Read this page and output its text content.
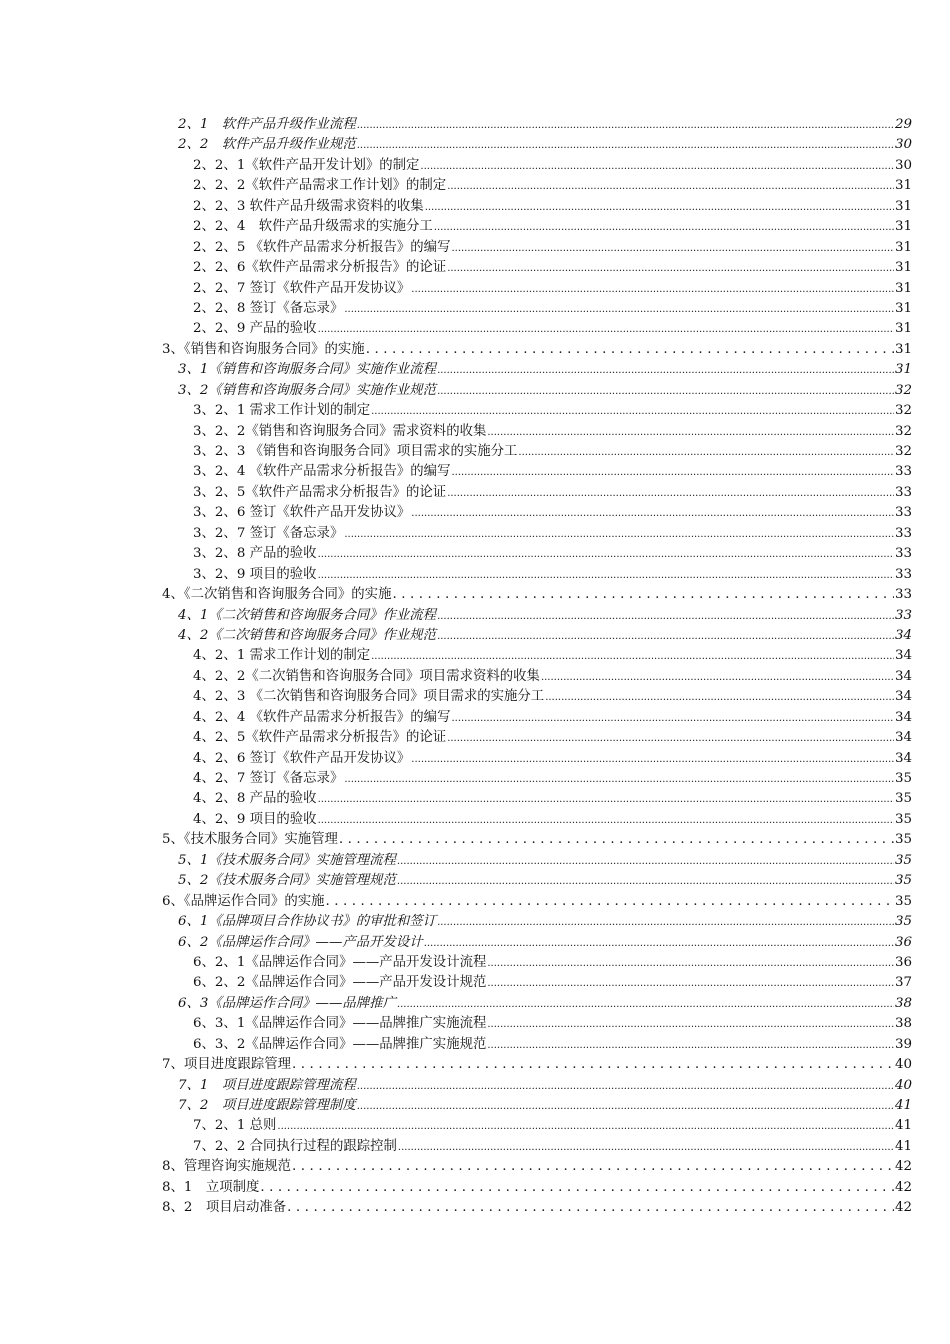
2、1　软件产品升级作业流程 .....	29
2、2　软件产品升级作业规范 .....	30
2、2、1《软件产品开发计划》的制定 .....	30
2、2、2《软件产品需求工作计划》的制定 .....	31
2、2、3 软件产品升级需求资料的收集 .....	31
2、2、4　软件产品升级需求的实施分工 .....	31
2、2、5 《软件产品需求分析报告》的编写 .....	31
2、2、6《软件产品需求分析报告》的论证 .....	31
2、2、7 签订《软件产品开发协议》 .....	31
2、2、8 签订《备忘录》 .....	31
2、2、9 产品的验收 .....	31
3、《销售和咨询服务合同》的实施 .....	31
3、1《销售和咨询服务合同》实施作业流程 .....	31
3、2《销售和咨询服务合同》实施作业规范 .....	32
3、2、1 需求工作计划的制定 .....	32
3、2、2《销售和咨询服务合同》需求资料的收集 .....	32
3、2、3 《销售和咨询服务合同》项目需求的实施分工 .....	32
3、2、4 《软件产品需求分析报告》的编写 .....	33
3、2、5《软件产品需求分析报告》的论证 .....	33
3、2、6 签订《软件产品开发协议》 .....	33
3、2、7 签订《备忘录》 .....	33
3、2、8 产品的验收 .....	33
3、2、9 项目的验收 .....	33
4、《二次销售和咨询服务合同》的实施 .....	33
4、1《二次销售和咨询服务合同》作业流程 .....	33
4、2《二次销售和咨询服务合同》作业规范 .....	34
4、2、1 需求工作计划的制定 .....	34
4、2、2《二次销售和咨询服务合同》项目需求资料的收集 .....	34
4、2、3 《二次销售和咨询服务合同》项目需求的实施分工 .....	34
4、2、4 《软件产品需求分析报告》的编写 .....	34
4、2、5《软件产品需求分析报告》的论证 .....	34
4、2、6 签订《软件产品开发协议》 .....	34
4、2、7 签订《备忘录》 .....	35
4、2、8 产品的验收 .....	35
4、2、9 项目的验收 .....	35
5、《技术服务合同》实施管理 .....	35
5、1《技术服务合同》实施管理流程 .....	35
5、2《技术服务合同》实施管理规范 .....	35
6、《品牌运作合同》的实施 .....	35
6、1《品牌项目合作协议书》的审批和签订 .....	35
6、2《品牌运作合同》——产品开发设计 .....	36
6、2、1《品牌运作合同》——产品开发设计流程 .....	36
6、2、2《品牌运作合同》——产品开发设计规范 .....	37
6、3《品牌运作合同》——品牌推广 .....	38
6、3、1《品牌运作合同》——品牌推广实施流程 .....	38
6、3、2《品牌运作合同》——品牌推广实施规范 .....	39
7、项目进度跟踪管理 .....	40
7、1　项目进度跟踪管理流程 .....	40
7、2　项目进度跟踪管理制度 .....	41
7、2、1 总则 .....	41
7、2、2 合同执行过程的跟踪控制 .....	41
8、管理咨询实施规范 .....	42
8、1　立项制度 .....	42
8、2　项目启动准备 .....	42
